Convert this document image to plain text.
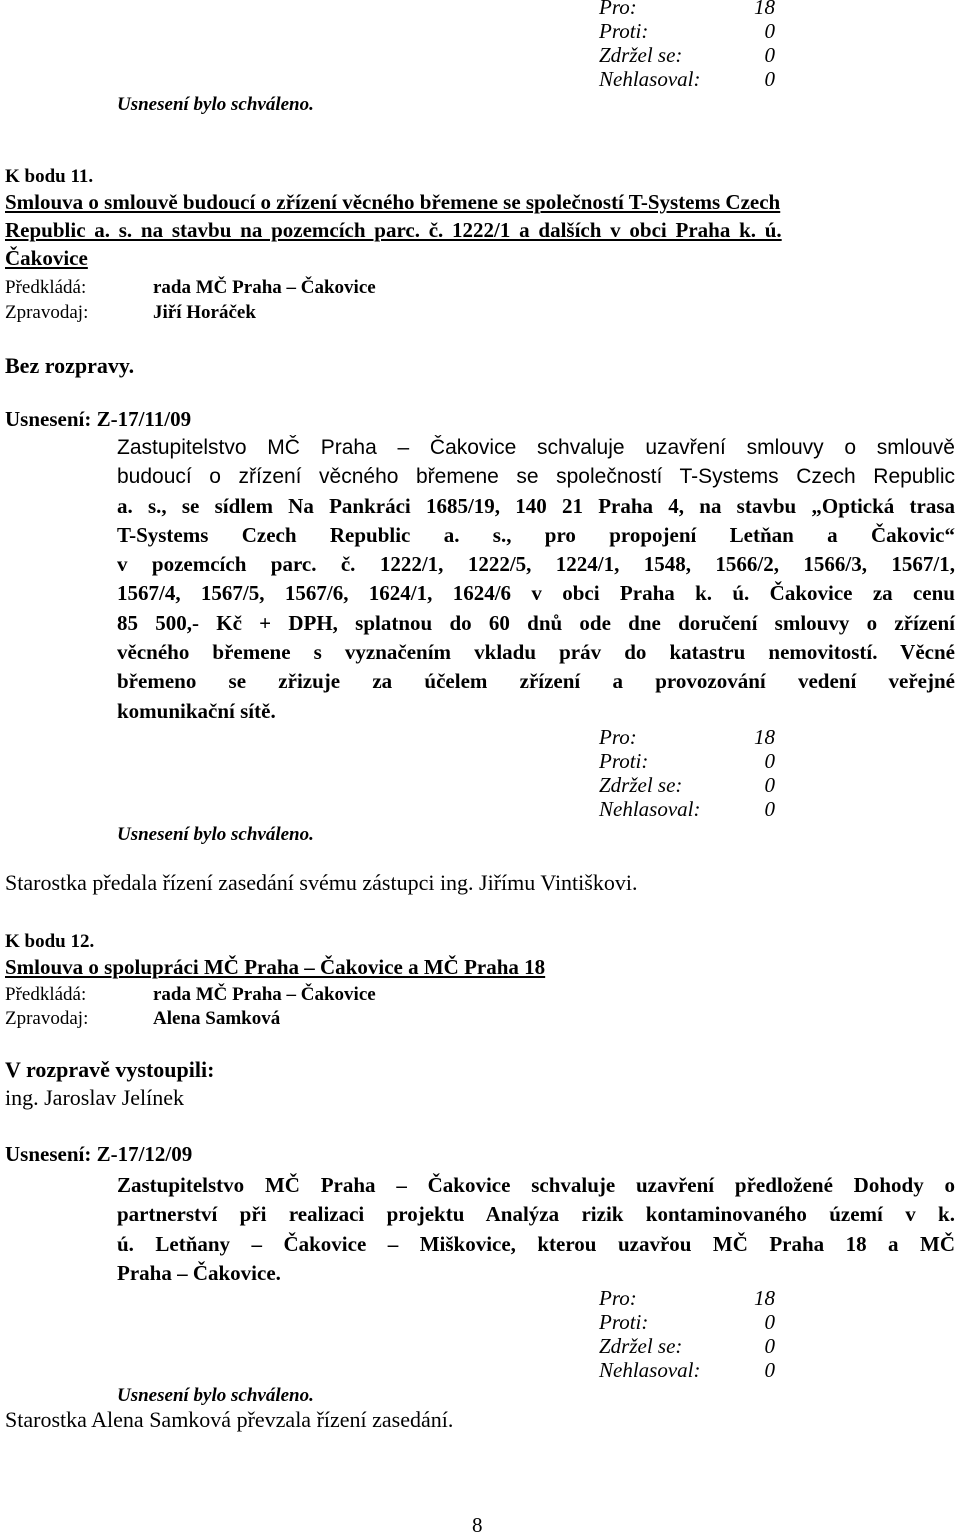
Pro:	18
Proti:	0
Zdržel se:	0
Nehlasoval:	0
Usnesení bylo schváleno.
K bodu 11.
Smlouva o smlouvě budoucí o zřízení věcného břemene se společností T-Systems Czech
Republic a. s. na stavbu na pozemcích parc. č. 1222/1 a dalších v obci Praha k. ú.
Čakovice
Předkládá:	rada MČ Praha – Čakovice
Zpravodaj:	Jiří Horáček
Bez rozpravy.
Usnesení: Z-17/11/09
Zastupitelstvo MČ Praha – Čakovice schvaluje uzavření smlouvy o smlouvě
budoucí o zřízení věcného břemene se společností T-Systems Czech Republic
a. s., se sídlem Na Pankráci 1685/19, 140 21 Praha 4, na stavbu „Optická trasa
T-Systems Czech Republic a. s., pro propojení Letňan a Čakovic“
v pozemcích parc. č. 1222/1, 1222/5, 1224/1, 1548, 1566/2, 1566/3, 1567/1,
1567/4, 1567/5, 1567/6, 1624/1, 1624/6 v obci Praha k. ú. Čakovice za cenu
85 500,- Kč + DPH, splatnou do 60 dnů ode dne doručení smlouvy o zřízení
věcného břemene s vyznačením vkladu práv do katastru nemovitostí. Věcné
břemeno se zřizuje za účelem zřízení a provozování vedení veřejné
komunikační sítě.
Pro:	18
Proti:	0
Zdržel se:	0
Nehlasoval:	0
Usnesení bylo schváleno.
Starostka předala řízení zasedání svému zástupci ing. Jiřímu Vintiškovi.
K bodu 12.
Smlouva o spolupráci MČ Praha – Čakovice a MČ Praha 18
Předkládá:	rada MČ Praha – Čakovice
Zpravodaj:	Alena Samková
V rozpravě vystoupili:
ing. Jaroslav Jelínek
Usnesení: Z-17/12/09
Zastupitelstvo MČ Praha – Čakovice schvaluje uzavření předložené Dohody o
partnerství při realizaci projektu Analýza rizik kontaminovaného území v k.
ú. Letňany – Čakovice – Miškovice, kterou uzavřou MČ Praha 18 a MČ
Praha – Čakovice.
Pro:	18
Proti:	0
Zdržel se:	0
Nehlasoval:	0
Usnesení bylo schváleno.
Starostka Alena Samková převzala řízení zasedání.
8
